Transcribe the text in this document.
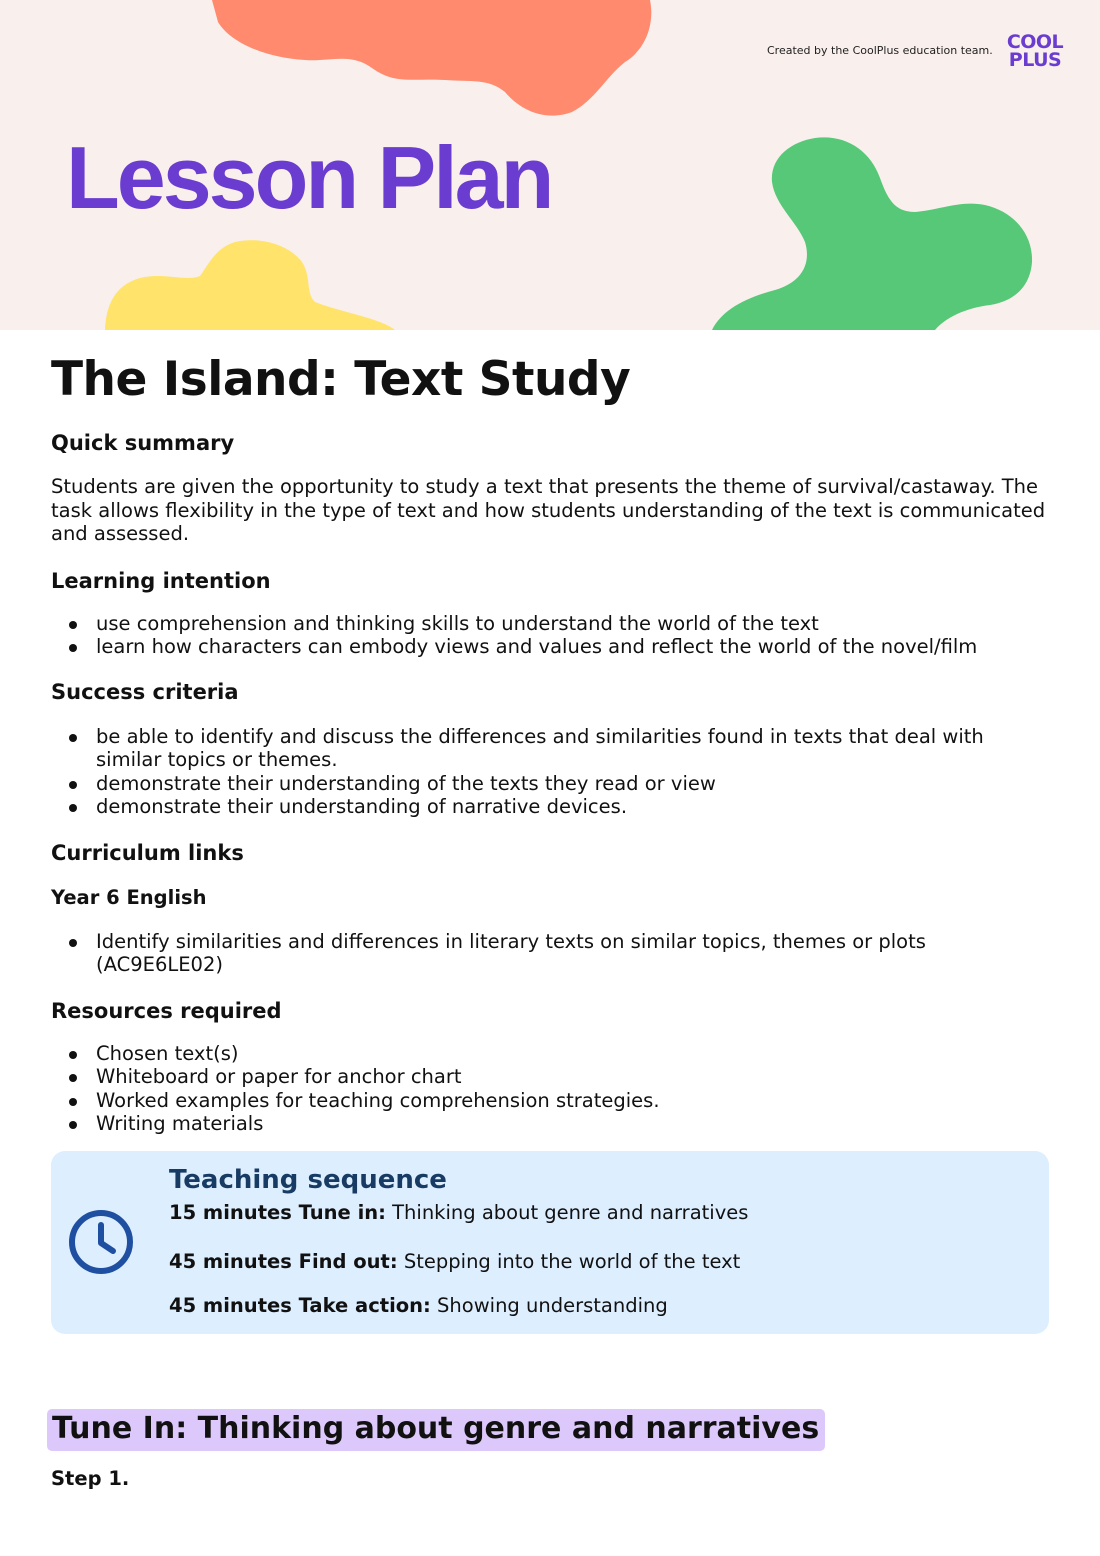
Created by the CoolPlus education team. COOL
PLUS
Lesson Plan
The Island: Text Study
Quick summary

Students are given the opportunity to study a text that presents the theme of survival/castaway. The task allows flexibility in the type of text and how students understanding of the text is communicated and assessed.

Learning intention
use comprehension and thinking skills to understand the world of the text
learn how characters can embody views and values and reflect the world of the novel/film
Success criteria
be able to identify and discuss the differences and similarities found in texts that deal with similar topics or themes.
demonstrate their understanding of the texts they read or view
demonstrate their understanding of narrative devices.
Curriculum links
Year 6 English
Identify similarities and differences in literary texts on similar topics, themes or plots (AC9E6LE02)
Resources required
Chosen text(s)
Whiteboard or paper for anchor chart
Worked examples for teaching comprehension strategies.
Writing materials
Teaching sequence
15 minutes Tune in: Thinking about genre and narratives
45 minutes Find out: Stepping into the world of the text
45 minutes Take action: Showing understanding
Tune In: Thinking about genre and narratives
Step 1.
